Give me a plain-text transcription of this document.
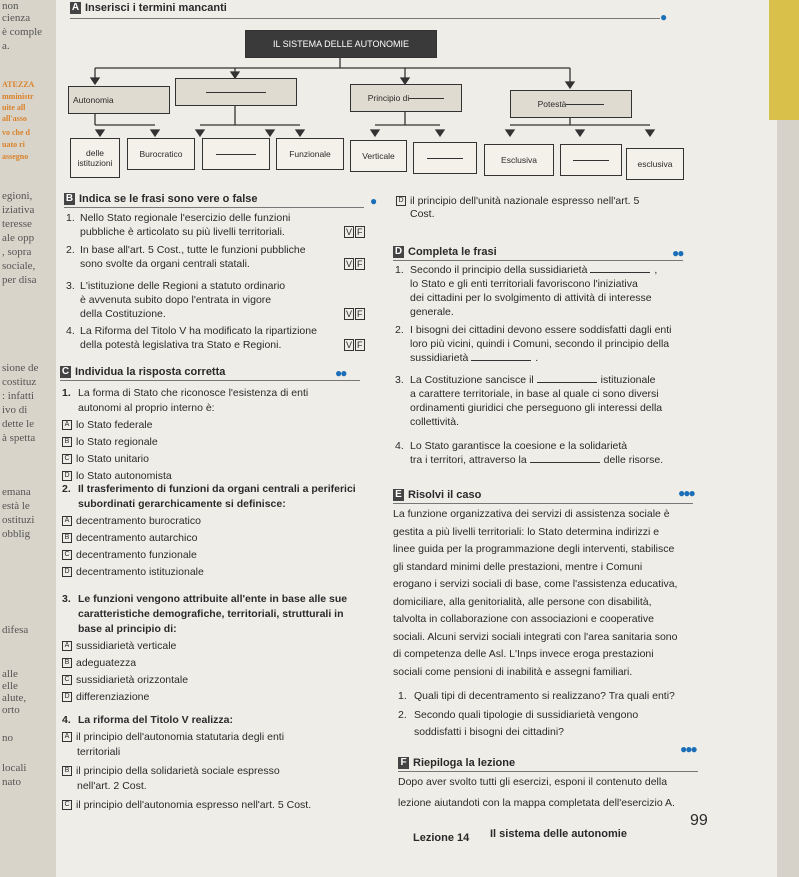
non
cienza
è comple
a.
ATEZZA
mministr
uite all
all'asso
vo che d
uato ri
assegno
egioni,
iziativa
teresse
ale opp
, sopra
sociale,
per disa
sione de
costituz
: infatti
ivo di
dette le
à spetta
emana
està le
ostituzi
obblig
difesa
alle
elle
alute,
orto
no
locali
nato
A Inserisci i termini mancanti
●
IL SISTEMA DELLE AUTONOMIE
Autonomia	Principio di
Potestà
delle istituzioni
Burocratico	Funzionale	Verticale	Esclusiva	esclusiva
B Indica se le frasi sono vere o false	●	D il principio dell'unità nazionale espresso nell'art. 5
Cost.
C Individua la risposta corretta	●●
D Completa le frasi	●●
E Risolvi il caso	●●●
F Riepiloga la lezione
●●●
Dopo aver svolto tutti gli esercizi, esponi il contenuto della
lezione aiutandoti con la mappa completata dell'esercizio A.
Lezione 14 Il sistema delle autonomie
99
1. Nello Stato regionale l'esercizio delle funzioni
pubbliche è articolato su più livelli territoriali.	V F
2. In base all'art. 5 Cost., tutte le funzioni pubbliche
sono svolte da organi centrali statali.	V F
3. L'istituzione delle Regioni a statuto ordinario
è avvenuta subito dopo l'entrata in vigore
della Costituzione.	V F
4. La Riforma del Titolo V ha modificato la ripartizione
della potestà legislativa tra Stato e Regioni.	V F
1. La forma di Stato che riconosce l'esistenza di enti
autonomi al proprio interno è:
A lo Stato federale
B lo Stato regionale
C lo Stato unitario
D lo Stato autonomista
2. Il trasferimento di funzioni da organi centrali a periferici
subordinati gerarchicamente si definisce:
A decentramento burocratico
B decentramento autarchico
C decentramento funzionale
D decentramento istituzionale
3. Le funzioni vengono attribuite all'ente in base alle sue
caratteristiche demografiche, territoriali, strutturali in
base al principio di:
A sussidiarietà verticale
B adeguatezza
C sussidiarietà orizzontale
D differenziazione
4. La riforma del Titolo V realizza:
A il principio dell'autonomia statutaria degli enti
territoriali
B il principio della solidarietà sociale espresso
nell'art. 2 Cost.
C il principio dell'autonomia espresso nell'art. 5 Cost.
1. Secondo il principio della sussidiarietà	,
lo Stato e gli enti territoriali favoriscono l'iniziativa
dei cittadini per lo svolgimento di attività di interesse
generale.
2. I bisogni dei cittadini devono essere soddisfatti dagli enti
loro più vicini, quindi i Comuni, secondo il principio della
sussidiarietà	.
3. La Costituzione sancisce il	istituzionale
a carattere territoriale, in base al quale ci sono diversi
ordinamenti giuridici che perseguono gli interessi della
collettività.
4. Lo Stato garantisce la coesione e la solidarietà
tra i territori, attraverso la	delle risorse.
La funzione organizzativa dei servizi di assistenza sociale è
gestita a più livelli territoriali: lo Stato determina indirizzi e
linee guida per la programmazione degli interventi, stabilisce
gli standard minimi delle prestazioni, mentre i Comuni
erogano i servizi sociali di base, come l'assistenza educativa,
domiciliare, alla genitorialità, alle persone con disabilità,
talvolta in collaborazione con associazioni e cooperative
sociali. Alcuni servizi sociali integrati con l'area sanitaria sono
di competenza delle Asl. L'Inps invece eroga prestazioni
sociali come pensioni di inabilità e assegni familiari.
1. Quali tipi di decentramento si realizzano? Tra quali enti?
2. Secondo quali tipologie di sussidiarietà vengono
soddisfatti i bisogni dei cittadini?
